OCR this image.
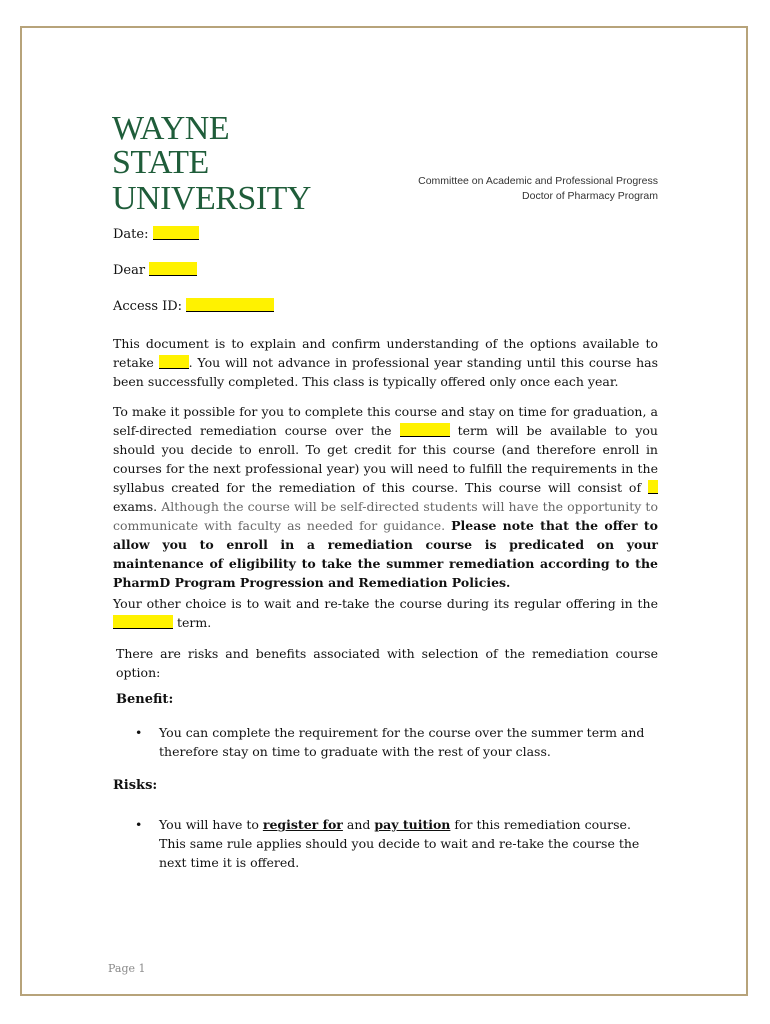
WAYNE STATE
UNIVERSITY	Committee on Academic and Professional Progress
Doctor of Pharmacy Program
Date:
Dear
Access ID:
This document is to explain and confirm understanding of the options available to retake	. You will not advance in professional year standing until this course has been successfully completed. This class is typically offered only once each year.
To make it possible for you to complete this course and stay on time for graduation, a self-directed remediation course over the	term will be available to you should you decide to enroll. To get credit for this course (and therefore enroll in courses for the next professional year) you will need to fulfill the requirements in the syllabus created for the remediation of this course. This course will consist of  exams. Although the course will be self-directed students will have the opportunity to communicate with faculty as needed for guidance. Please note that the offer to allow you to enroll in a remediation course is predicated on your maintenance of eligibility to take the summer remediation according to the PharmD Program Progression and Remediation Policies.
Your other choice is to wait and re-take the course during its regular offering in the  term.
There are risks and benefits associated with selection of the remediation course option:
Benefit:
• You can complete the requirement for the course over the summer term and therefore stay on time to graduate with the rest of your class.
Risks:
• You will have to register for and pay tuition for this remediation course. This same rule applies should you decide to wait and re-take the course the next time it is offered.
Page 1
